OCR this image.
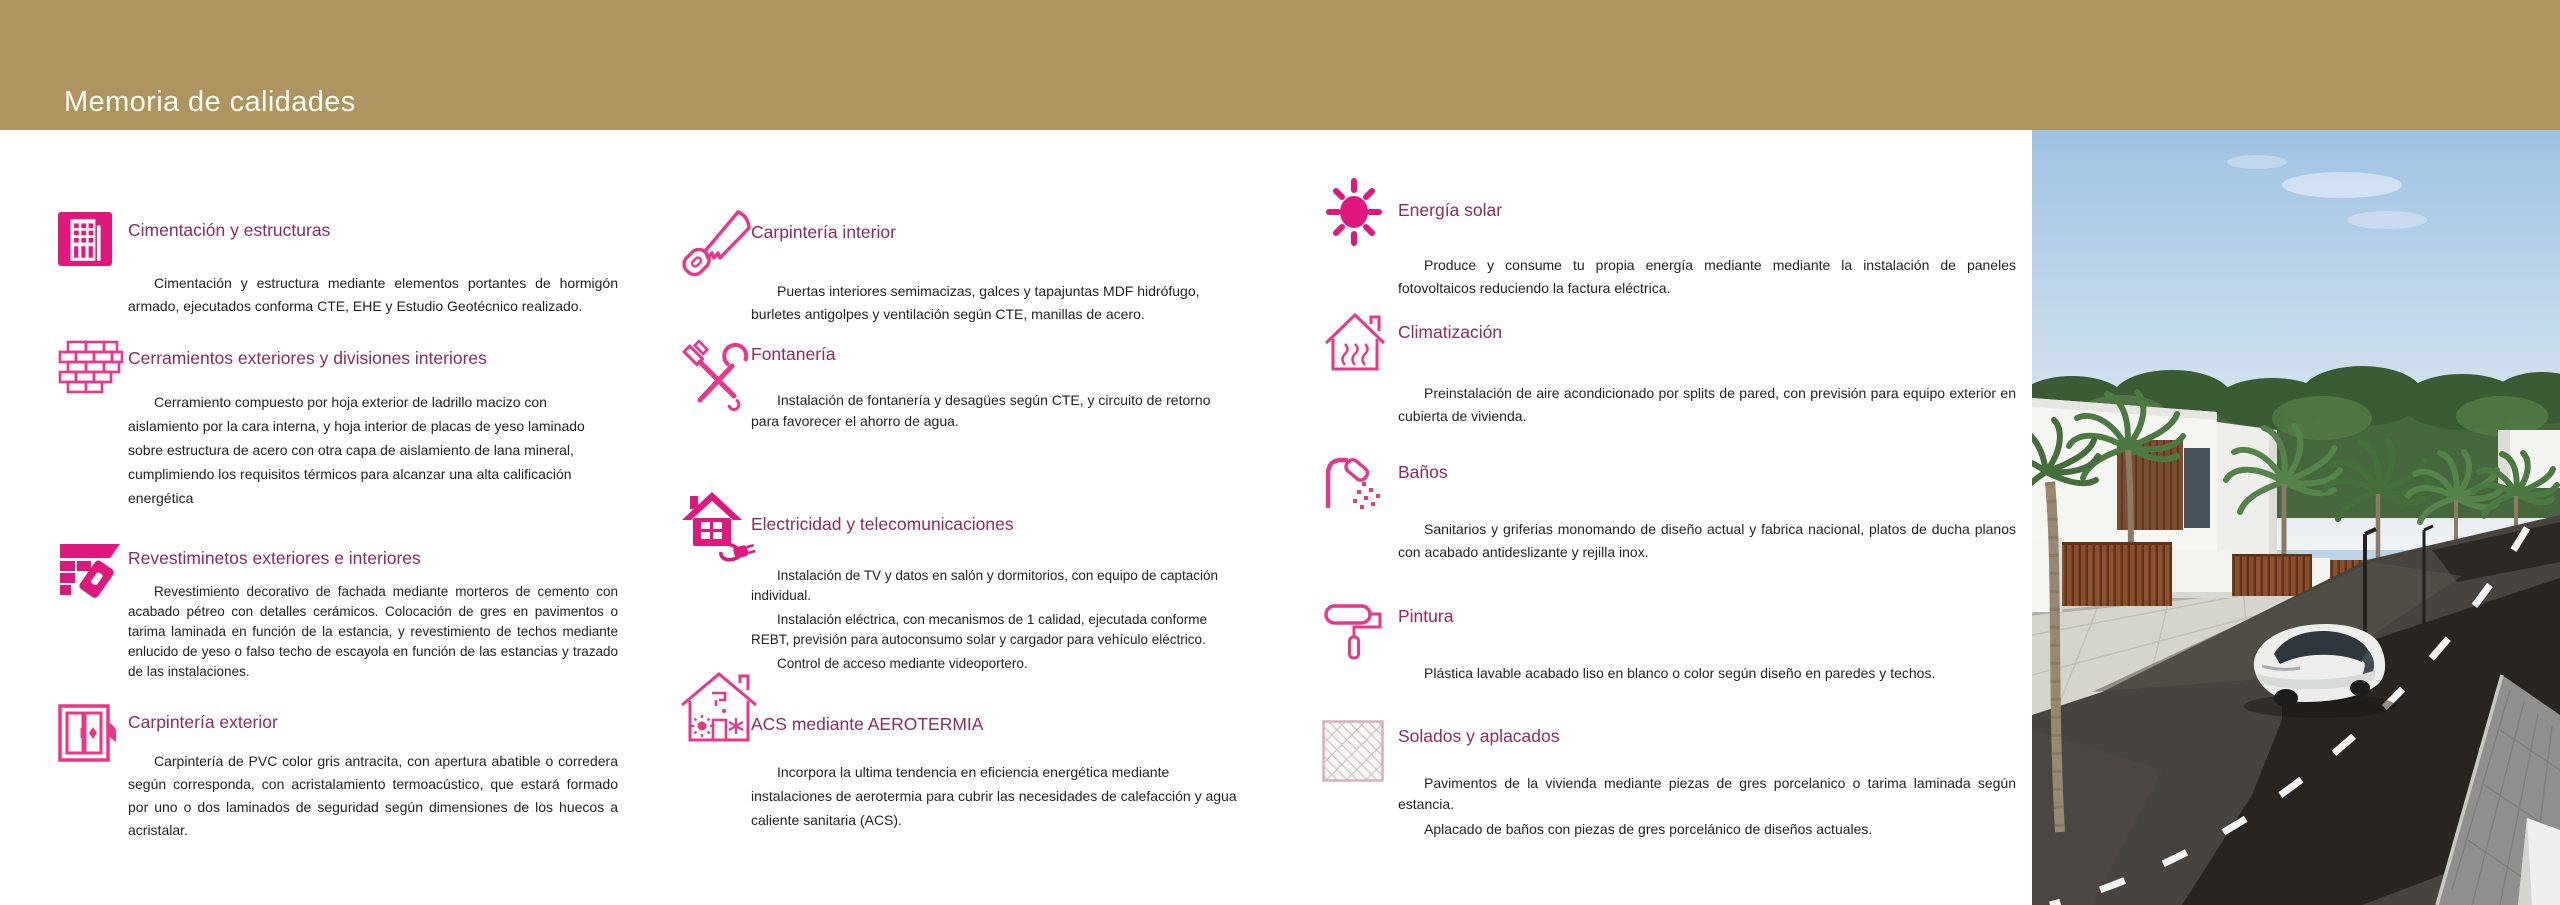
Memoria de calidades
Cimentación y estructuras

Cimentación y estructura mediante elementos portantes de hormigón armado, ejecutados conforma CTE, EHE y Estudio Geotécnico realizado.

Cerramientos exteriores y divisiones interiores

Cerramiento compuesto por hoja exterior de ladrillo macizo con aislamiento por la cara interna, y hoja interior de placas de yeso laminado sobre estructura de acero con otra capa de aislamiento de lana mineral, cumplimiendo los requisitos térmicos para alcanzar una alta calificación energética

Revestiminetos exteriores e interiores

Revestimiento decorativo de fachada mediante morteros de cemento con acabado pétreo con detalles cerámicos. Colocación de gres en pavimentos o tarima laminada en función de la estancia, y revestimiento de techos mediante enlucido de yeso o falso techo de escayola en función de las estancias y trazado de las instalaciones.

Carpintería exterior

Carpintería de PVC color gris antracita, con apertura abatible o corredera según corresponda, con acristalamiento termoacústico, que estará formado por uno o dos laminados de seguridad según dimensiones de los huecos a acristalar.

Carpintería interior

Puertas interiores semimacizas, galces y tapajuntas MDF hidrófugo, burletes antigolpes y ventilación según CTE, manillas de acero.

Fontanería

Instalación de fontanería y desagües según CTE, y circuito de retorno para favorecer el ahorro de agua.

Electricidad y telecomunicaciones

Instalación de TV y datos en salón y dormitorios, con equipo de captación individual.

Instalación eléctrica, con mecanismos de 1 calidad, ejecutada conforme REBT, previsión para autoconsumo solar y cargador para vehículo eléctrico.

Control de acceso mediante videoportero.

ACS mediante AEROTERMIA

Incorpora la ultima tendencia en eficiencia energética mediante instalaciones de aerotermia para cubrir las necesidades de calefacción y agua caliente sanitaria (ACS).

Energía solar

Produce y consume tu propia energía mediante mediante la instalación de paneles fotovoltaicos reduciendo la factura eléctrica.

Climatización

Preinstalación de aire acondicionado por splits de pared, con previsión para equipo exterior en cubierta de vivienda.

Baños

Sanitarios y griferias monomando de diseño actual y fabrica nacional, platos de ducha planos con acabado antideslizante y rejilla inox.

Pintura

Plástica lavable acabado liso en blanco o color según diseño en paredes y techos.

Solados y aplacados

Pavimentos de la vivienda mediante piezas de gres porcelanico o tarima laminada según estancia.

Aplacado de baños con piezas de gres porcelánico de diseños actuales.
